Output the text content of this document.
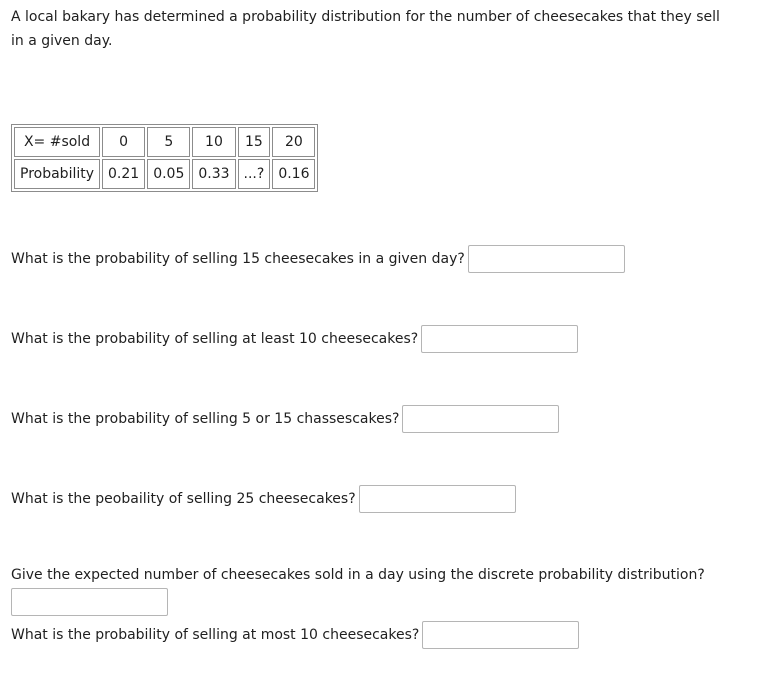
A local bakary has determined a probability distribution for the number of cheesecakes that they sell in a given day.

X= #sold	0	5	10	15	20
Probability	0.21	0.05	0.33	...?	0.16
What is the probability of selling 15 cheesecakes in a given day?
What is the probability of selling at least 10 cheesecakes?
What is the probability of selling 5 or 15 chassescakes?
What is the peobaility of selling 25 cheesecakes?
Give the expected number of cheesecakes sold in a day using the discrete probability distribution?
What is the probability of selling at most 10 cheesecakes?
